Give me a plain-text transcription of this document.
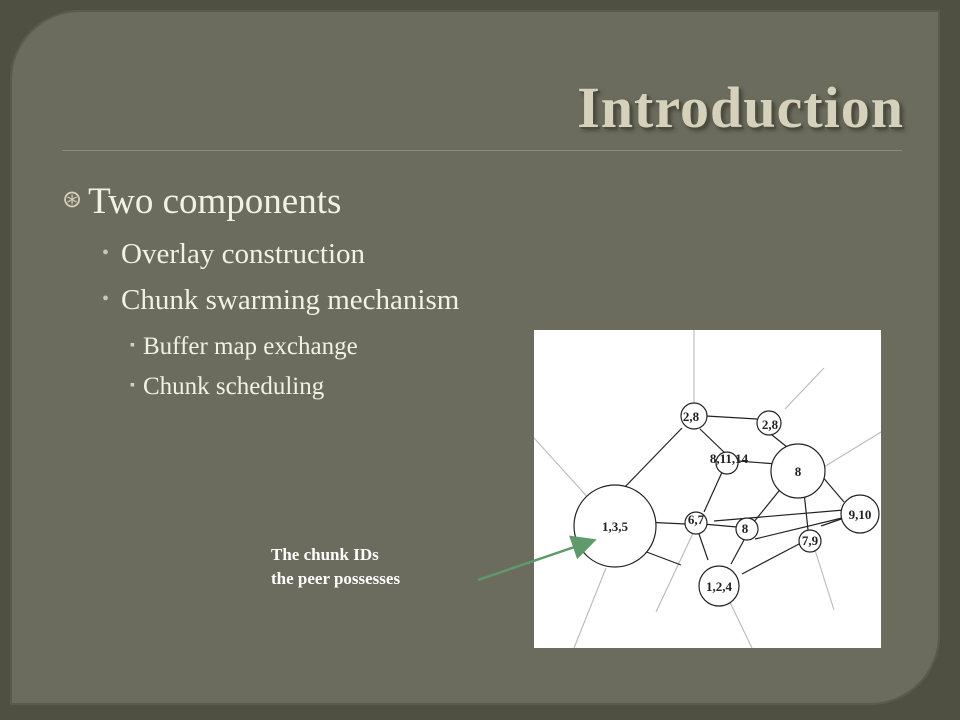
Introduction
⊛ Two components
• Overlay construction
• Chunk swarming mechanism
▪ Buffer map exchange
▪ Chunk scheduling
1,3,5
2,8
2,8
8,11,14
8
9,10
6,7
8
7,9
1,2,4
The chunk IDs
the peer possesses
